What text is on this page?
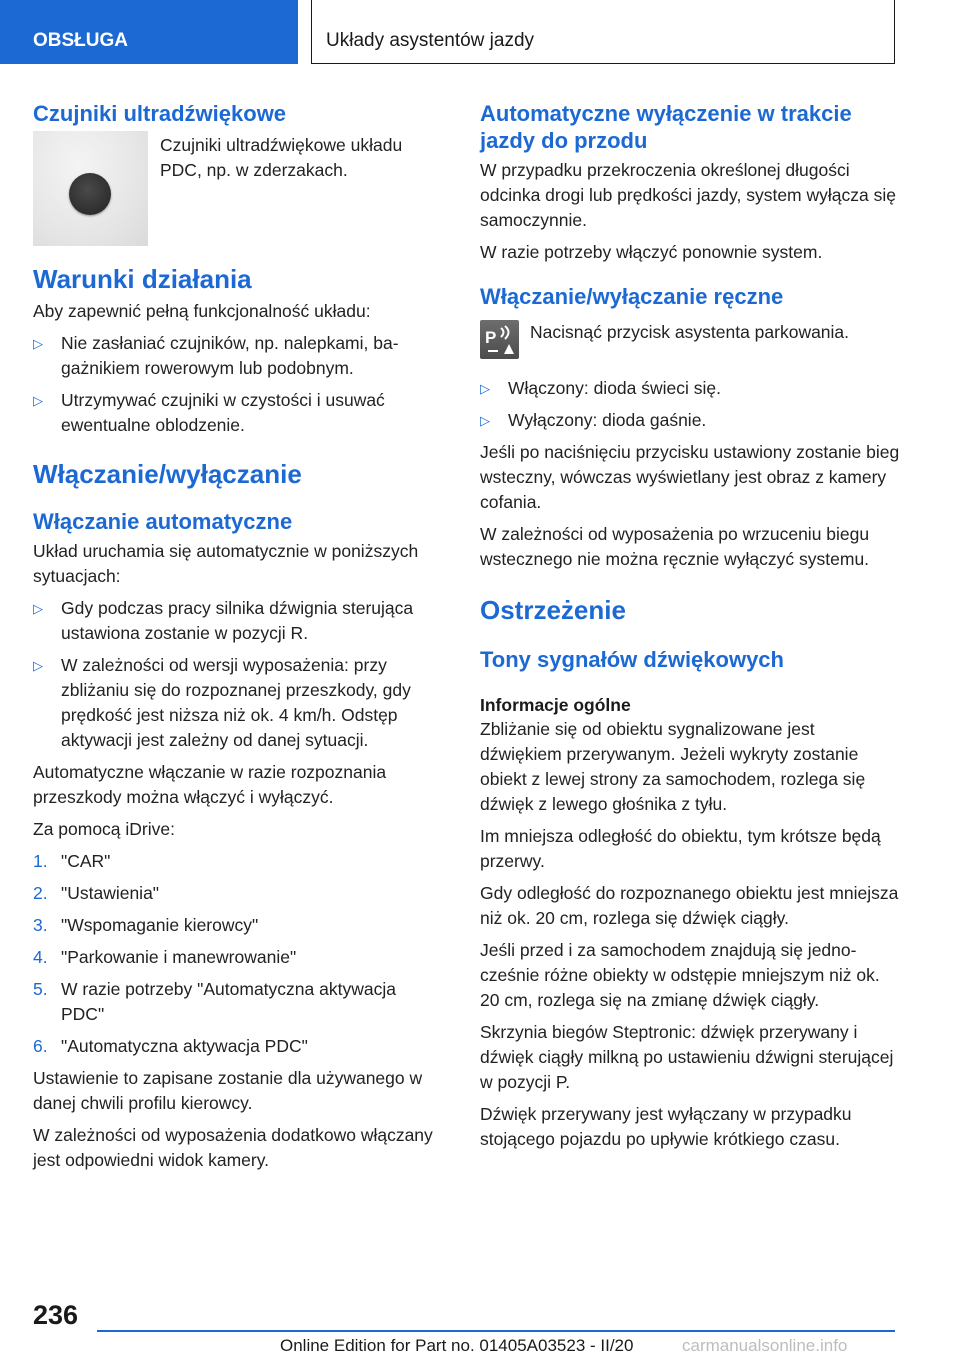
OBSŁUGA	Układy asystentów jazdy
Czujniki ultradźwiękowe

Czujniki ultradźwiękowe układu PDC, np. w zderzakach.

Warunki działania

Aby zapewnić pełną funkcjonalność układu:

▷ Nie zasłaniać czujników, np. nalepkami, bagażnikiem rowerowym lub podobnym.
▷ Utrzymywać czujniki w czystości i usuwać ewentualne oblodzenie.
Włączanie/wyłączanie
Włączanie automatyczne

Układ uruchamia się automatycznie w poniższych sytuacjach:

▷ Gdy podczas pracy silnika dźwignia sterująca ustawiona zostanie w pozycji R.
▷ W zależności od wersji wyposażenia: przy zbliżaniu się do rozpoznanej przeszkody, gdy prędkość jest niższa niż ok. 4 km/h. Odstęp aktywacji jest zależny od danej sytuacji.

Automatyczne włączanie w razie rozpoznania przeszkody można włączyć i wyłączyć.

Za pomocą iDrive:

1. "CAR"
2. "Ustawienia"
3. "Wspomaganie kierowcy"
4. "Parkowanie i manewrowanie"
5. W razie potrzeby "Automatyczna aktywacja PDC"
6. "Automatyczna aktywacja PDC"

Ustawienie to zapisane zostanie dla używanego w danej chwili profilu kierowcy.

W zależności od wyposażenia dodatkowo włączany jest odpowiedni widok kamery.

Automatyczne wyłączenie w trakcie jazdy do przodu

W przypadku przekroczenia określonej długości odcinka drogi lub prędkości jazdy, system wyłącza się samoczynnie.

W razie potrzeby włączyć ponownie system.

Włączanie/wyłączanie ręczne
P Nacisnąć przycisk asystenta parkowania.

▷ Włączony: dioda świeci się.
▷ Wyłączony: dioda gaśnie.

Jeśli po naciśnięciu przycisku ustawiony zostanie bieg wsteczny, wówczas wyświetlany jest obraz z kamery cofania.

W zależności od wyposażenia po wrzuceniu biegu wstecznego nie można ręcznie wyłączyć systemu.

Ostrzeżenie
Tony sygnałów dźwiękowych
Informacje ogólne

Zbliżanie się od obiektu sygnalizowane jest dźwiękiem przerywanym. Jeżeli wykryty zostanie obiekt z lewej strony za samochodem, rozlega się dźwięk z lewego głośnika z tyłu.

Im mniejsza odległość do obiektu, tym krótsze będą przerwy.

Gdy odległość do rozpoznanego obiektu jest mniejsza niż ok. 20 cm, rozlega się dźwięk ciągły.

Jeśli przed i za samochodem znajdują się jednocześnie różne obiekty w odstępie mniejszym niż ok. 20 cm, rozlega się na zmianę dźwięk ciągły.

Skrzynia biegów Steptronic: dźwięk przerywany i dźwięk ciągły milkną po ustawieniu dźwigni sterującej w pozycji P.

Dźwięk przerywany jest wyłączany w przypadku stojącego pojazdu po upływie krótkiego czasu.

236
Online Edition for Part no. 01405A03523 - II/20	carmanualsonline.info
